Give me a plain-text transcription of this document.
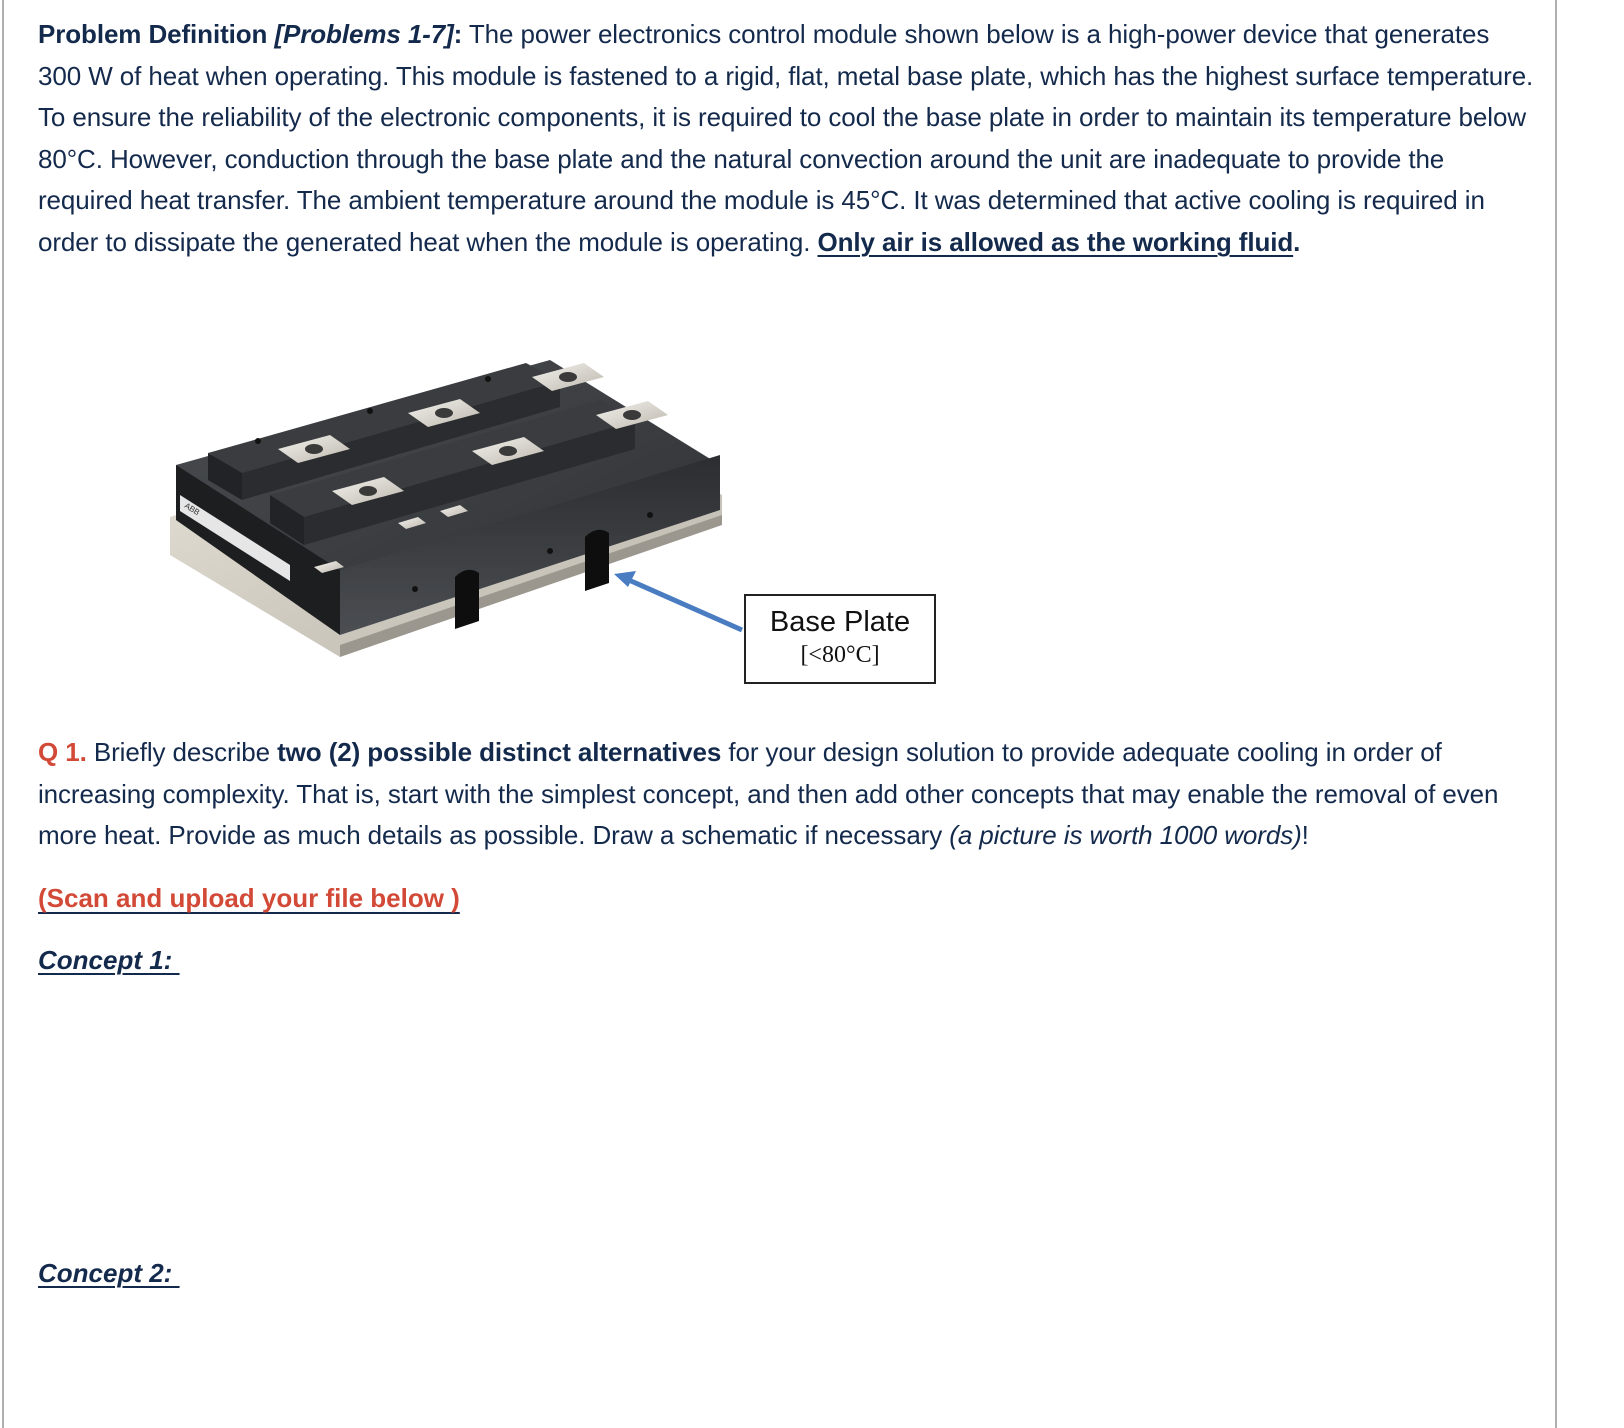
Problem Definition [Problems 1-7]: The power electronics control module shown below is a high-power device that generates 300 W of heat when operating. This module is fastened to a rigid, flat, metal base plate, which has the highest surface temperature. To ensure the reliability of the electronic components, it is required to cool the base plate in order to maintain its temperature below 80°C. However, conduction through the base plate and the natural convection around the unit are inadequate to provide the required heat transfer. The ambient temperature around the module is 45°C. It was determined that active cooling is required in order to dissipate the generated heat when the module is operating. Only air is allowed as the working fluid.

ABB
Base Plate
[<80°C]

Q 1. Briefly describe two (2) possible distinct alternatives for your design solution to provide adequate cooling in order of increasing complexity. That is, start with the simplest concept, and then add other concepts that may enable the removal of even more heat. Provide as much details as possible. Draw a schematic if necessary (a picture is worth 1000 words)!

(Scan and upload your file below )
Concept 1:
Concept 2:
